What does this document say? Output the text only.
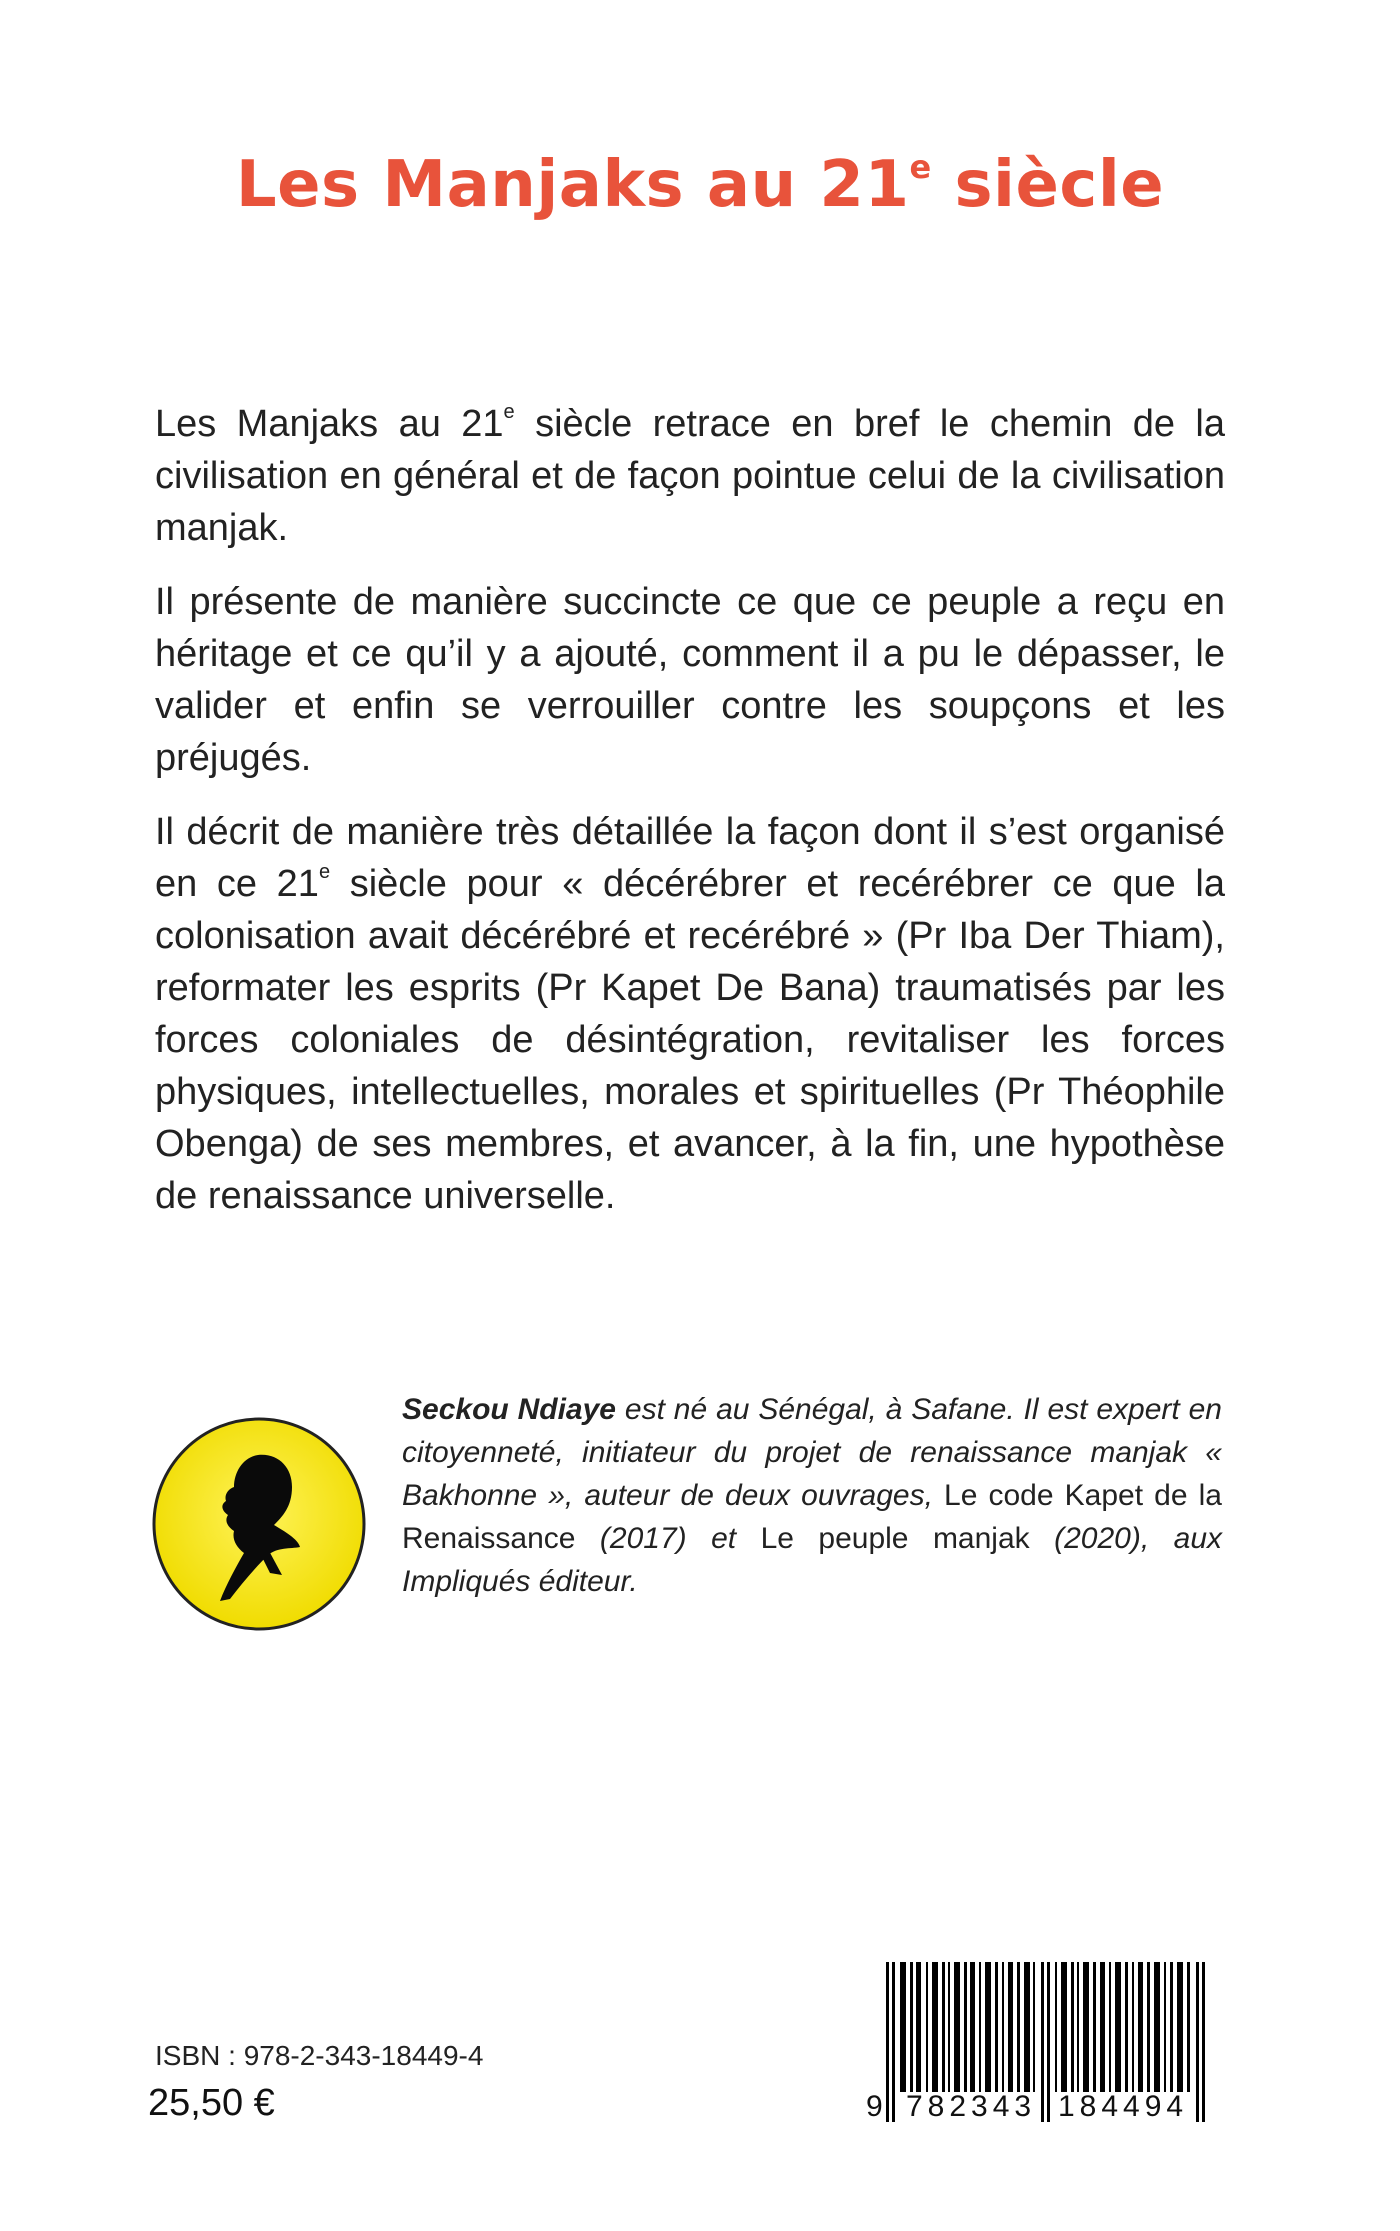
Les Manjaks au 21e siècle

Les Manjaks au 21e siècle retrace en bref le chemin de la civilisation en général et de façon pointue celui de la civilisation manjak.

Il présente de manière succincte ce que ce peuple a reçu en héritage et ce qu’il y a ajouté, comment il a pu le dépasser, le valider et enfin se verrouiller contre les soupçons et les préjugés.

Il décrit de manière très détaillée la façon dont il s’est organisé en ce 21e siècle pour « décérébrer et recérébrer ce que la colonisation avait décérébré et recérébré » (Pr Iba Der Thiam), reformater les esprits (Pr Kapet De Bana) traumatisés par les forces coloniales de désintégration, revitaliser les forces physiques, intellectuelles, morales et spirituelles (Pr Théophile Obenga) de ses membres, et avancer, à la fin, une hypothèse de renaissance universelle.

Seckou Ndiaye est né au Sénégal, à Safane. Il est expert en citoyenneté, initiateur du projet de renaissance manjak « Bakhonne », auteur de deux ouvrages, Le code Kapet de la Renaissance (2017) et Le peuple manjak (2020), aux Impliqués éditeur.
ISBN : 978-2-343-18449-4
25,50 €	9 782343 184494
